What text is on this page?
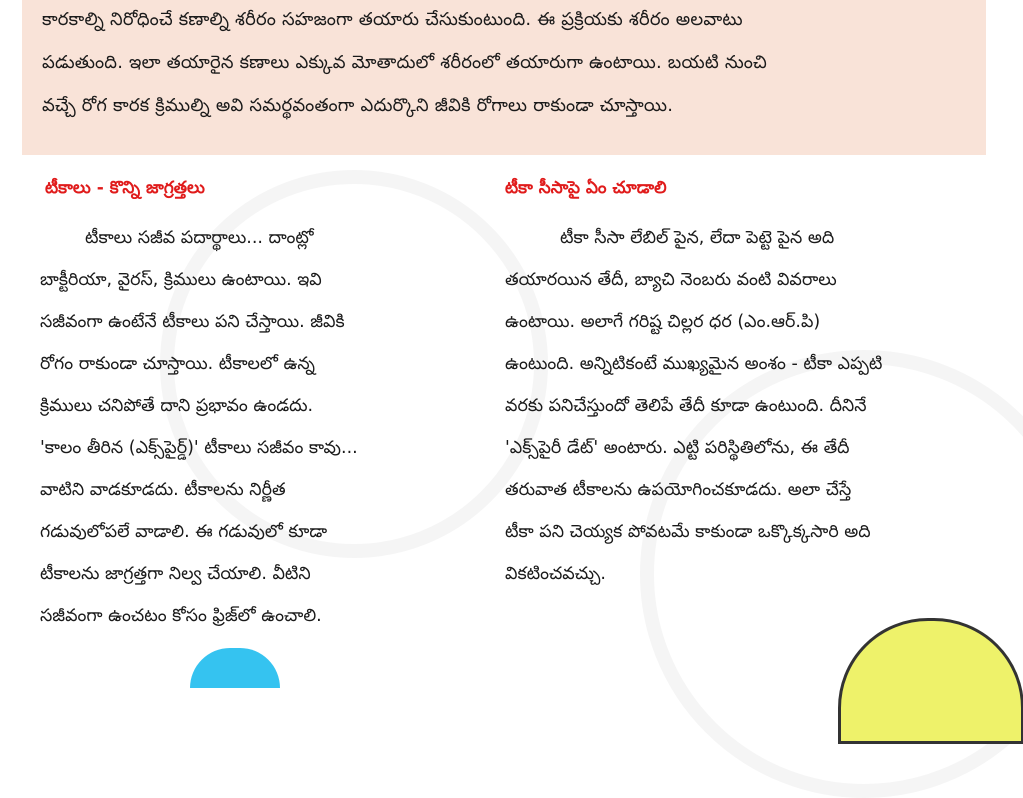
కారకాల్ని నిరోధించే కణాల్ని శరీరం సహజంగా తయారు చేసుకుంటుంది. ఈ ప్రక్రియకు శరీరం అలవాటు
పడుతుంది. ఇలా తయారైన కణాలు ఎక్కువ మోతాదులో శరీరంలో తయారుగా ఉంటాయి. బయటి నుంచి
వచ్చే రోగ కారక క్రిముల్ని అవి సమర్థవంతంగా ఎదుర్కొని జీవికి రోగాలు రాకుండా చూస్తాయి.
టీకాలు - కొన్ని జాగ్రత్తలు
టీకాలు సజీవ పదార్థాలు... దాంట్లో
బాక్టీరియా, వైరస్, క్రిములు ఉంటాయి. ఇవి
సజీవంగా ఉంటేనే టీకాలు పని చేస్తాయి. జీవికి
రోగం రాకుండా చూస్తాయి. టీకాలలో ఉన్న
క్రిములు చనిపోతే దాని ప్రభావం ఉండదు.
'కాలం తీరిన (ఎక్స్‌పైర్డ్)' టీకాలు సజీవం కావు...
వాటిని వాడకూడదు. టీకాలను నిర్ణీత
గడువులోపలే వాడాలి. ఈ గడువులో కూడా
టీకాలను జాగ్రత్తగా నిల్వ చేయాలి. వీటిని
సజీవంగా ఉంచటం కోసం ఫ్రిజ్‌లో ఉంచాలి.
టీకా సీసాపై ఏం చూడాలి
టీకా సీసా లేబిల్ పైన, లేదా పెట్టె పైన అది
తయారయిన తేదీ, బ్యాచి నెంబరు వంటి వివరాలు
ఉంటాయి. అలాగే గరిష్ట చిల్లర ధర (ఎం.ఆర్.పి)
ఉంటుంది. అన్నిటికంటే ముఖ్యమైన అంశం - టీకా ఎప్పటి
వరకు పనిచేస్తుందో తెలిపే తేదీ కూడా ఉంటుంది. దీనినే
'ఎక్స్‌పైరీ డేట్' అంటారు. ఎట్టి పరిస్థితిలోను, ఈ తేదీ
తరువాత టీకాలను ఉపయోగించకూడదు. అలా చేస్తే
టీకా పని చెయ్యక పోవటమే కాకుండా ఒక్కొక్కసారి అది
వికటించవచ్చు.
